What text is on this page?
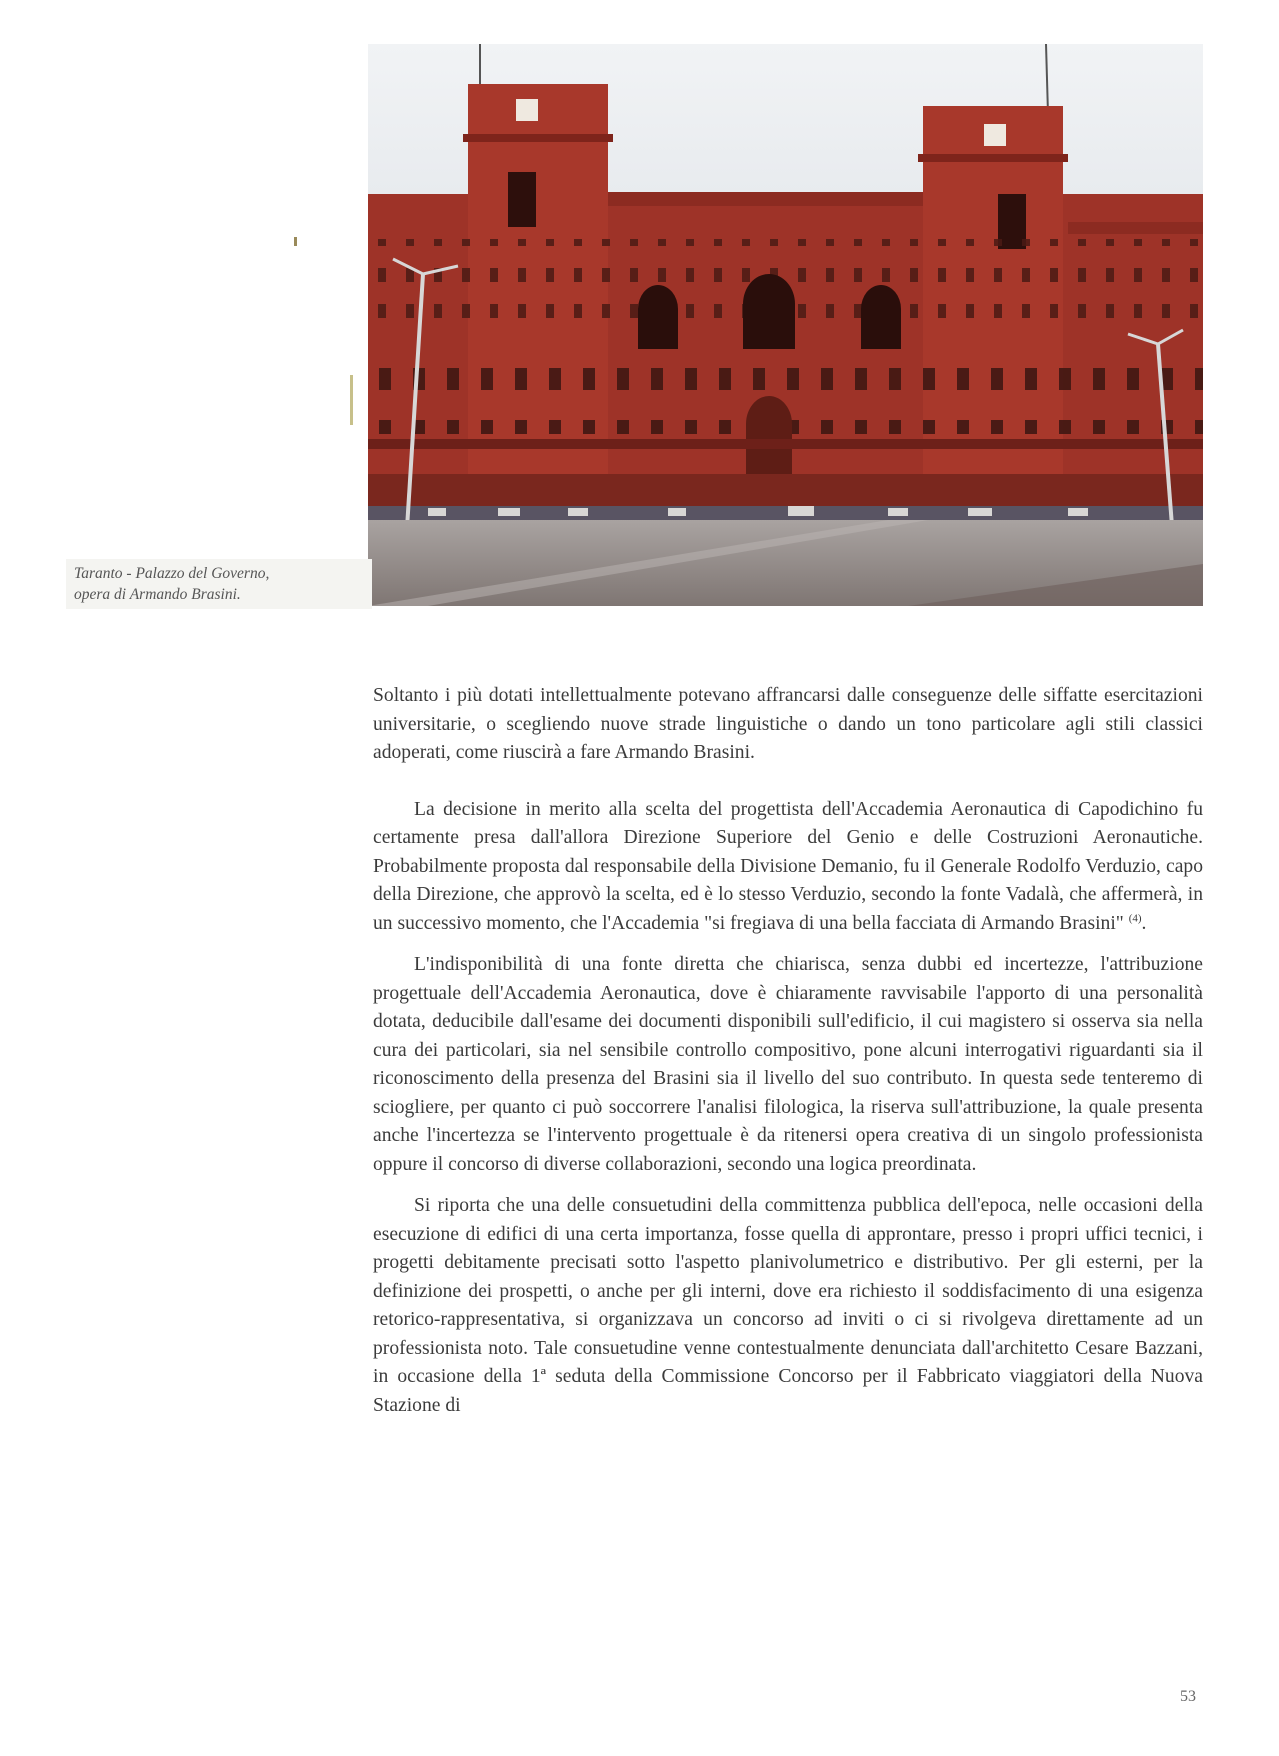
Taranto - Palazzo del Governo,
opera di Armando Brasini.

Soltanto i più dotati intellettualmente potevano affrancarsi dalle conseguenze delle siffatte esercitazioni universitarie, o scegliendo nuove strade linguistiche o dando un tono particolare agli stili classici adoperati, come riuscirà a fare Armando Brasini.

La decisione in merito alla scelta del progettista dell'Accademia Aeronautica di Capodichino fu certamente presa dall'allora Direzione Superiore del Genio e delle Costruzioni Aeronautiche. Probabilmente proposta dal responsabile della Divisione Demanio, fu il Generale Rodolfo Verduzio, capo della Direzione, che approvò la scelta, ed è lo stesso Verduzio, secondo la fonte Vadalà, che affermerà, in un successivo momento, che l'Accademia "si fregiava di una bella facciata di Armando Brasini" $^{(4)}$.

L'indisponibilità di una fonte diretta che chiarisca, senza dubbi ed incertezze, l'attribuzione progettuale dell'Accademia Aeronautica, dove è chiaramente ravvisabile l'apporto di una personalità dotata, deducibile dall'esame dei documenti disponibili sull'edificio, il cui magistero si osserva sia nella cura dei particolari, sia nel sensibile controllo compositivo, pone alcuni interrogativi riguardanti sia il riconoscimento della presenza del Brasini sia il livello del suo contributo. In questa sede tenteremo di sciogliere, per quanto ci può soccorrere l'analisi filologica, la riserva sull'attribuzione, la quale presenta anche l'incertezza se l'intervento progettuale è da ritenersi opera creativa di un singolo professionista oppure il concorso di diverse collaborazioni, secondo una logica preordinata.

Si riporta che una delle consuetudini della committenza pubblica dell'epoca, nelle occasioni della esecuzione di edifici di una certa importanza, fosse quella di approntare, presso i propri uffici tecnici, i progetti debitamente precisati sotto l'aspetto planivolumetrico e distributivo. Per gli esterni, per la definizione dei prospetti, o anche per gli interni, dove era richiesto il soddisfacimento di una esigenza retorico-rappresentativa, si organizzava un concorso ad inviti o ci si rivolgeva direttamente ad un professionista noto. Tale consuetudine venne contestualmente denunciata dall'architetto Cesare Bazzani, in occasione della 1ª seduta della Commissione Concorso per il Fabbricato viaggiatori della Nuova Stazione di

53
